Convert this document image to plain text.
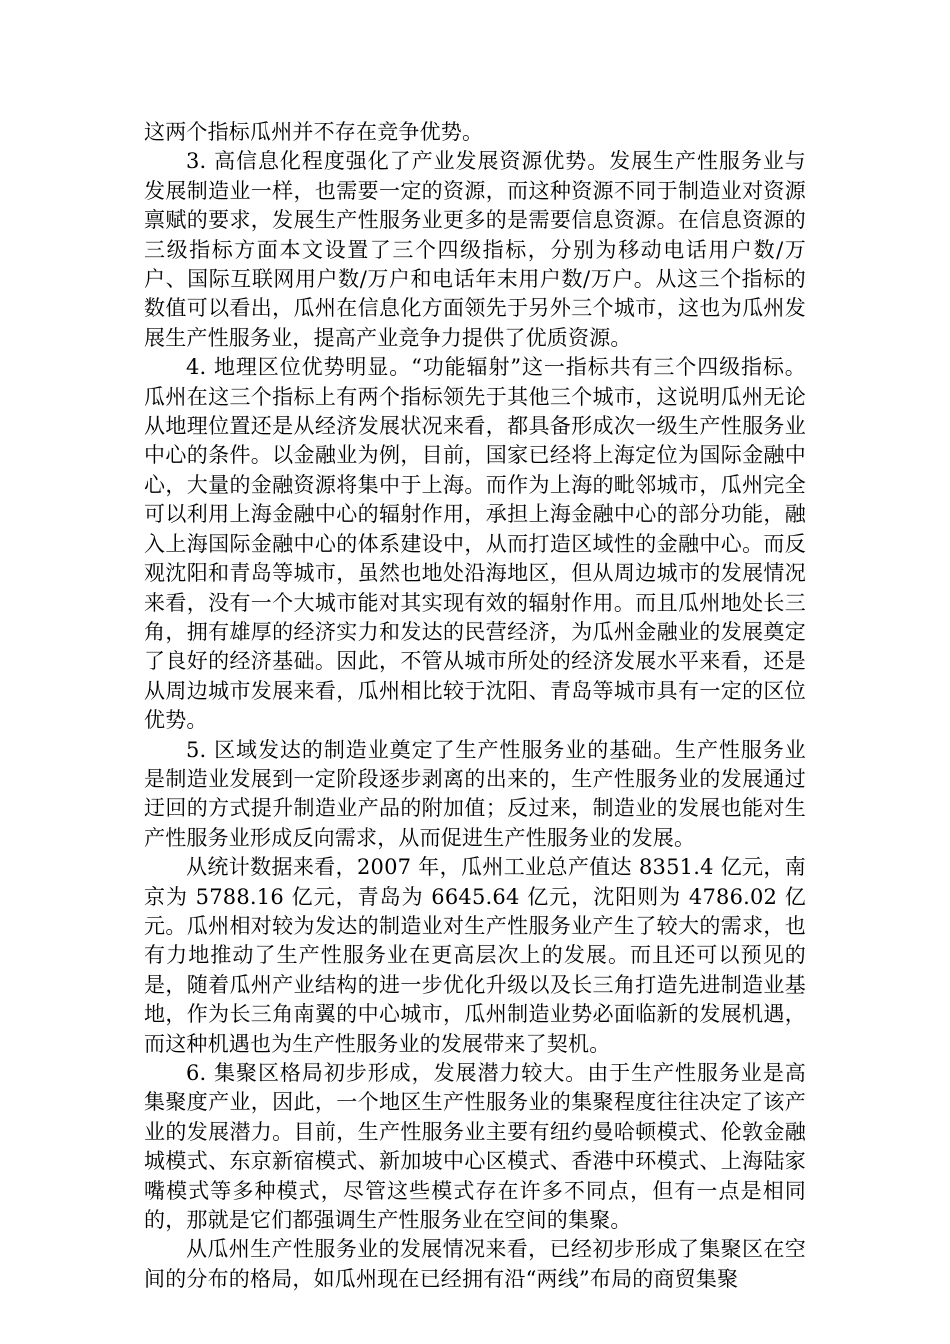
这两个指标瓜州并不存在竞争优势。

3. 高信息化程度强化了产业发展资源优势。发展生产性服务业与发展制造业一样，也需要一定的资源，而这种资源不同于制造业对资源禀赋的要求，发展生产性服务业更多的是需要信息资源。在信息资源的三级指标方面本文设置了三个四级指标，分别为移动电话用户数/万户、国际互联网用户数/万户和电话年末用户数/万户。从这三个指标的数值可以看出，瓜州在信息化方面领先于另外三个城市，这也为瓜州发展生产性服务业，提高产业竞争力提供了优质资源。

4. 地理区位优势明显。“功能辐射”这一指标共有三个四级指标。瓜州在这三个指标上有两个指标领先于其他三个城市，这说明瓜州无论从地理位置还是从经济发展状况来看，都具备形成次一级生产性服务业中心的条件。以金融业为例，目前，国家已经将上海定位为国际金融中心，大量的金融资源将集中于上海。而作为上海的毗邻城市，瓜州完全可以利用上海金融中心的辐射作用，承担上海金融中心的部分功能，融入上海国际金融中心的体系建设中，从而打造区域性的金融中心。而反观沈阳和青岛等城市，虽然也地处沿海地区，但从周边城市的发展情况来看，没有一个大城市能对其实现有效的辐射作用。而且瓜州地处长三角，拥有雄厚的经济实力和发达的民营经济，为瓜州金融业的发展奠定了良好的经济基础。因此，不管从城市所处的经济发展水平来看，还是从周边城市发展来看，瓜州相比较于沈阳、青岛等城市具有一定的区位优势。

5. 区域发达的制造业奠定了生产性服务业的基础。生产性服务业是制造业发展到一定阶段逐步剥离的出来的，生产性服务业的发展通过迂回的方式提升制造业产品的附加值；反过来，制造业的发展也能对生产性服务业形成反向需求，从而促进生产性服务业的发展。

从统计数据来看，2007 年，瓜州工业总产值达 8351.4 亿元，南京为 5788.16 亿元，青岛为 6645.64 亿元，沈阳则为 4786.02 亿元。瓜州相对较为发达的制造业对生产性服务业产生了较大的需求，也有力地推动了生产性服务业在更高层次上的发展。而且还可以预见的是，随着瓜州产业结构的进一步优化升级以及长三角打造先进制造业基地，作为长三角南翼的中心城市，瓜州制造业势必面临新的发展机遇，而这种机遇也为生产性服务业的发展带来了契机。

6. 集聚区格局初步形成，发展潜力较大。由于生产性服务业是高集聚度产业，因此，一个地区生产性服务业的集聚程度往往决定了该产业的发展潜力。目前，生产性服务业主要有纽约曼哈顿模式、伦敦金融城模式、东京新宿模式、新加坡中心区模式、香港中环模式、上海陆家嘴模式等多种模式，尽管这些模式存在许多不同点，但有一点是相同的，那就是它们都强调生产性服务业在空间的集聚。

从瓜州生产性服务业的发展情况来看，已经初步形成了集聚区在空间的分布的格局，如瓜州现在已经拥有沿“两线”布局的商贸集聚
